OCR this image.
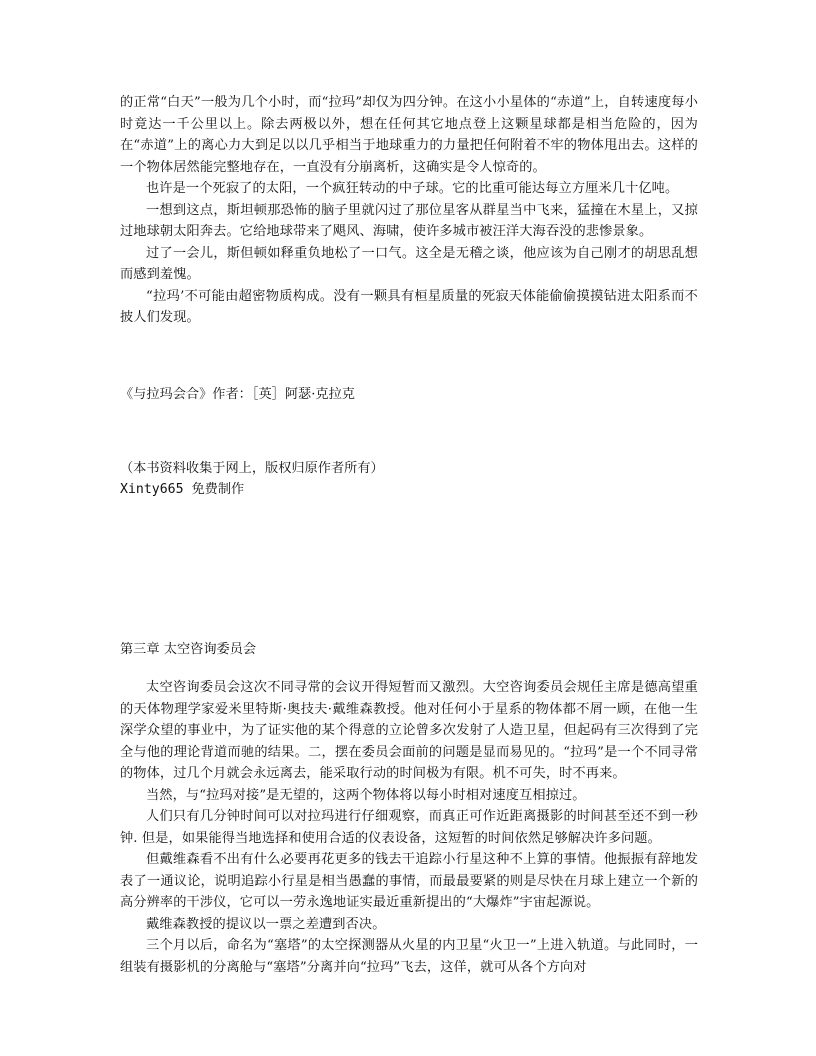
的正常“白天”一般为几个小时，而“拉玛”却仅为四分钟。在这小小星体的“赤道”上，自转速度每小时竟达一千公里以上。除去两极以外，想在任何其它地点登上这颗星球都是相当危险的，因为在“赤道”上的离心力大到足以以几乎相当于地球重力的力量把任何附着不牢的物体甩出去。这样的一个物体居然能完整地存在，一直没有分崩离析，这确实是令人惊奇的。

也许是一个死寂了的太阳，一个疯狂转动的中子球。它的比重可能达每立方厘米几十亿吨。

一想到这点，斯坦顿那恐怖的脑子里就闪过了那位星客从群星当中飞来，猛撞在木星上，又掠过地球朝太阳奔去。它给地球带来了飓风、海啸，使许多城市被汪洋大海吞没的悲惨景象。

过了一会儿，斯但顿如释重负地松了一口气。这全是无稽之谈，他应该为自己刚才的胡思乱想而感到羞愧。

“拉玛’不可能由超密物质构成。没有一颗具有桓星质量的死寂天体能偷偷摸摸钻进太阳系而不披人们发现。

《与拉玛会合》作者：［英］阿瑟·克拉克
（本书资料收集于网上，版权归原作者所有）
Xinty665 免费制作
第三章 太空咨询委员会

太空咨询委员会这次不同寻常的会议开得短暂而又激烈。大空咨询委员会规任主席是德高望重的天体物理学家爱米里特斯·奥技夫·戴维森教授。他对任何小于星系的物体都不屑一顾，在他一生深学众望的事业中，为了证实他的某个得意的立论曾多次发射了人造卫星，但起码有三次得到了完全与他的理论背道而驰的结果。二，摆在委员会面前的问题是显而易见的。“拉玛”是一个不同寻常的物体，过几个月就会永远离去，能采取行动的时间极为有限。机不可失，时不再来。

当然，与“拉玛对接”是无望的，这两个物体将以每小时相对速度互相掠过。

人们只有几分钟时间可以对拉玛进行仔细观察，而真正可作近距离摄影的时间甚至还不到一秒钟. 但是，如果能得当地选择和使用合适的仪表设备，这短暂的时间依然足够解决许多问题。

但戴维森看不出有什么必要再花更多的钱去干追踪小行星这种不上算的事情。他振振有辞地发表了一通议论，说明追踪小行星是相当愚蠢的事情，而最最要紧的则是尽快在月球上建立一个新的高分辨率的干涉仪，它可以一劳永逸地证实最近重新提出的“大爆炸”宇宙起源说。

戴维森教授的提议以一票之差遭到否决。

三个月以后，命名为“塞塔”的太空探测器从火星的内卫星“火卫一”上进入轨道。与此同时，一组装有摄影机的分离舱与“塞塔”分离并向“拉玛”飞去，这佯，就可从各个方向对
